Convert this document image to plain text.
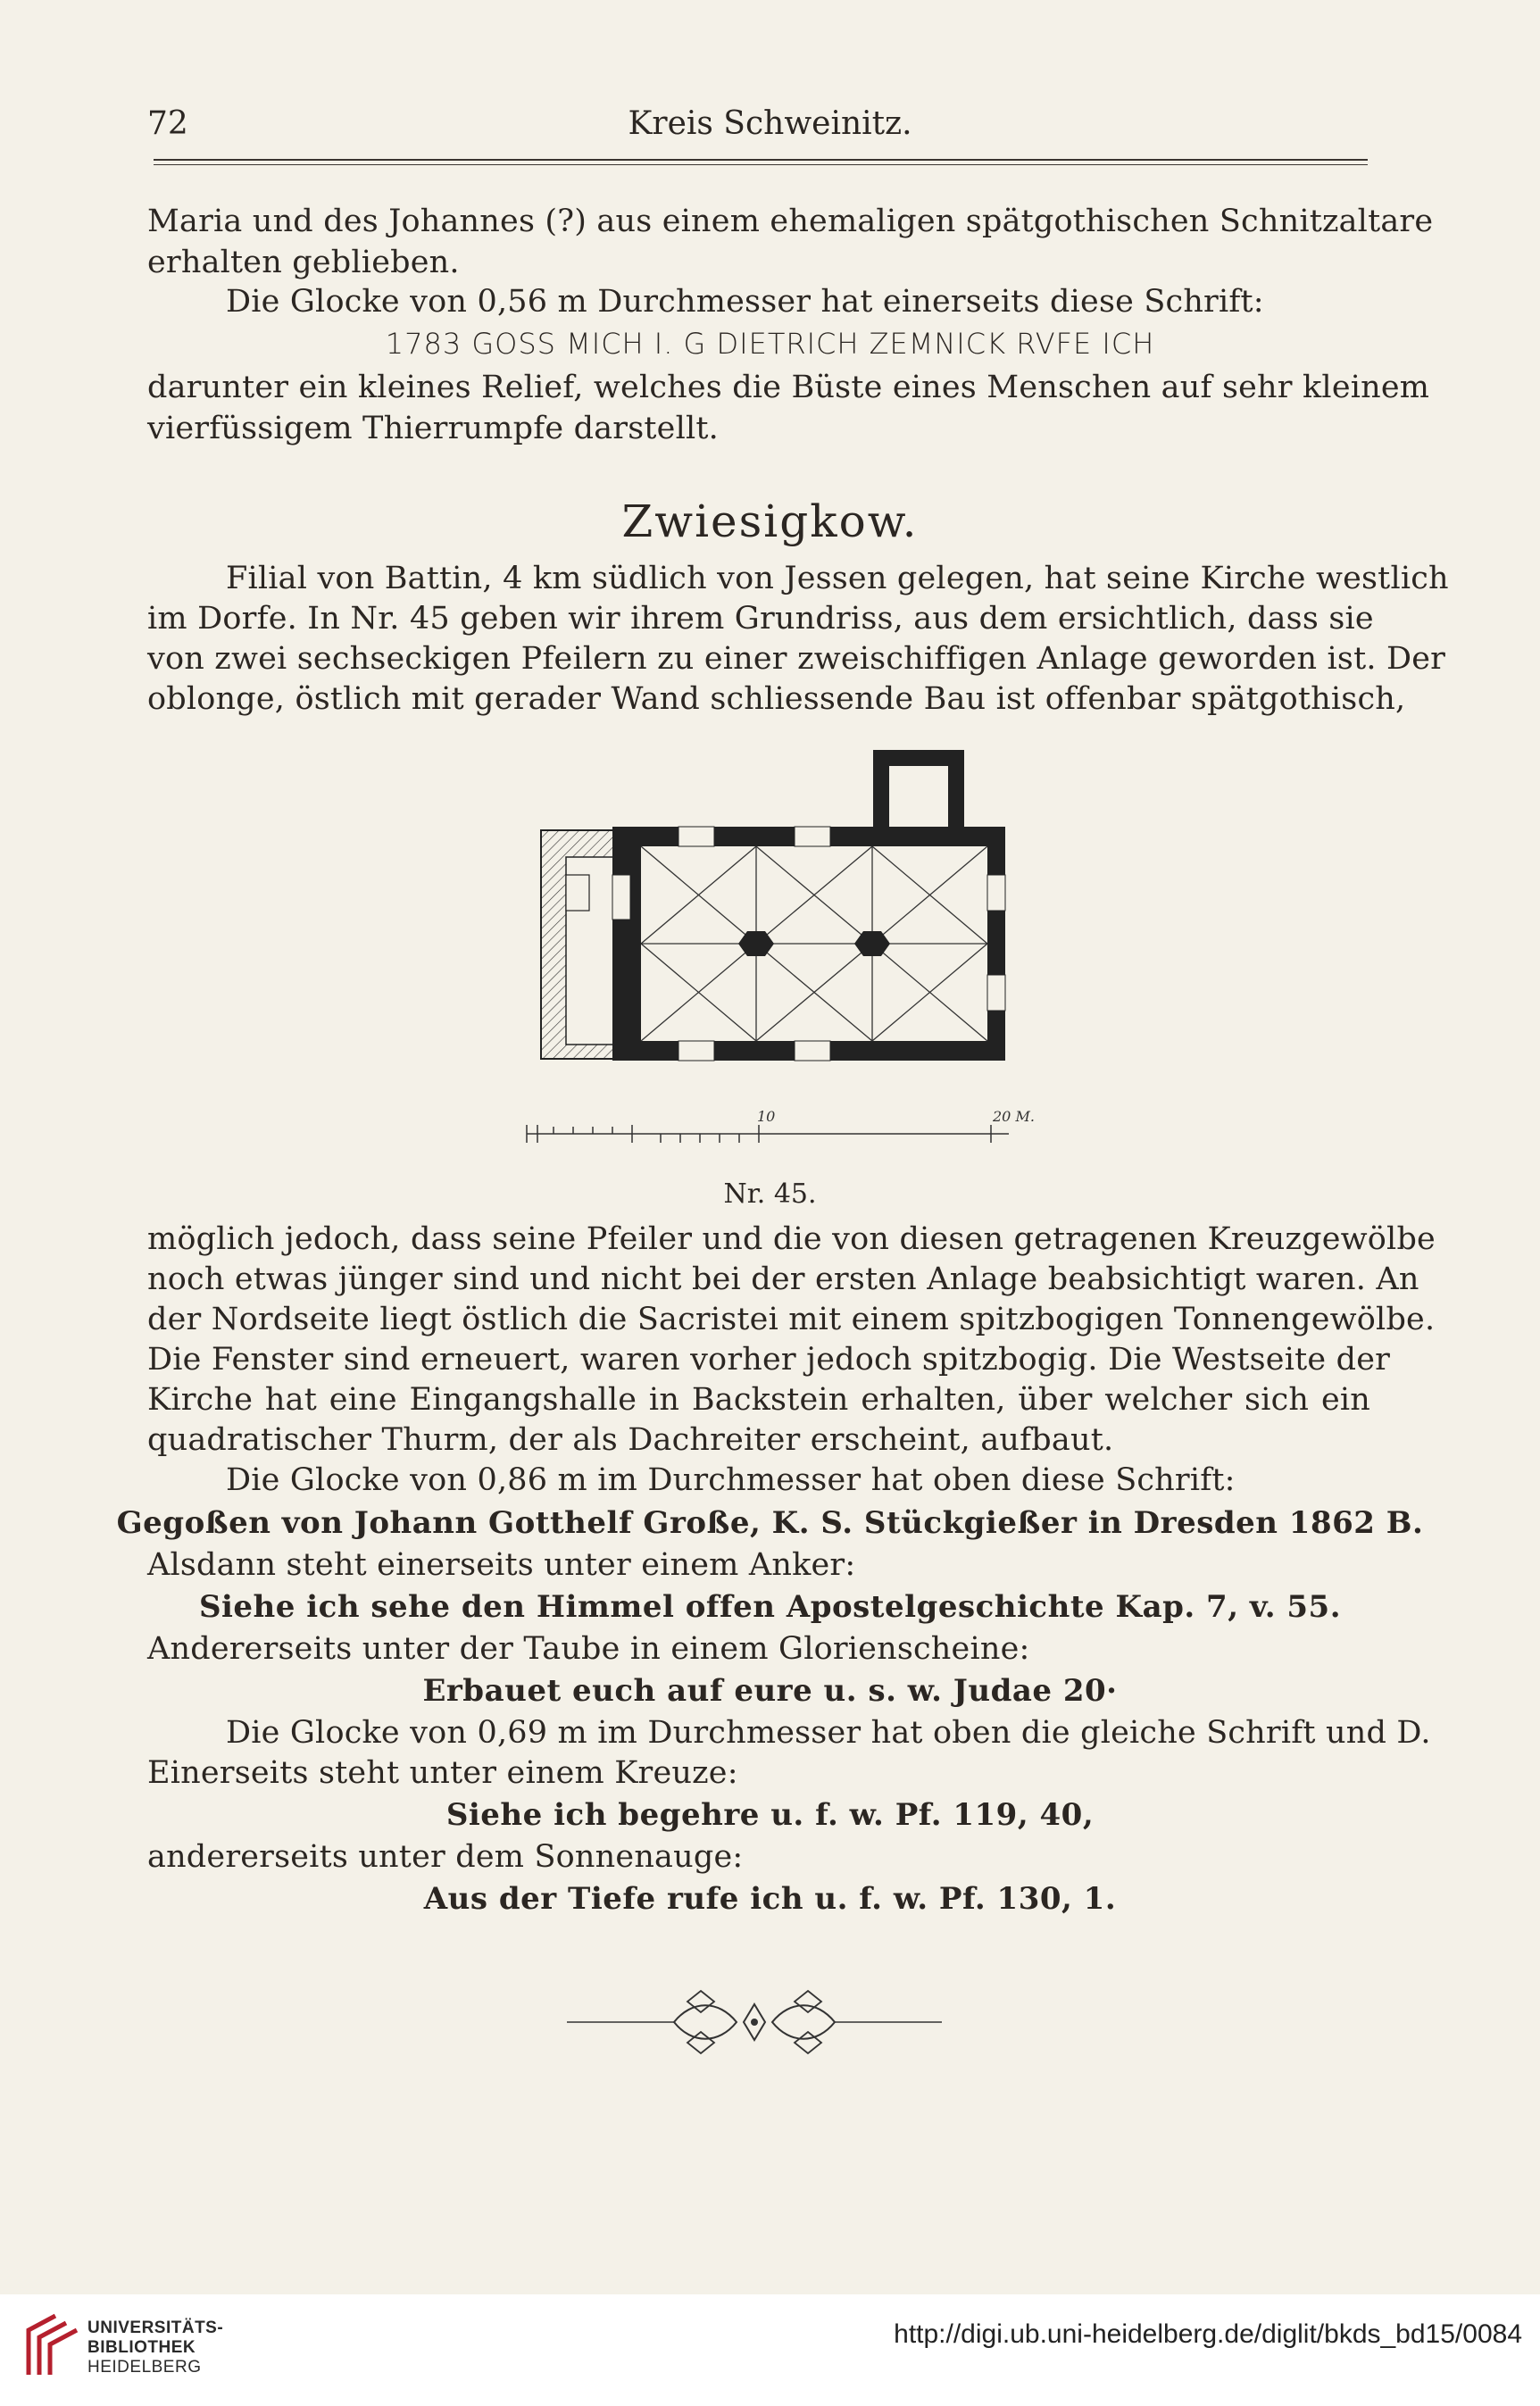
72	Kreis Schweinitz.
Maria und des Johannes (?) aus einem ehemaligen spätgothischen Schnitzaltare
erhalten geblieben.
Die Glocke von 0,56 m Durchmesser hat einerseits diese Schrift:
1783 GOSS MICH I. G DIETRICH ZEMNICK RVFE ICH
darunter ein kleines Relief, welches die Büste eines Menschen auf sehr kleinem
vierfüssigem Thierrumpfe darstellt.
Zwiesigkow.
Filial von Battin, 4 km südlich von Jessen gelegen, hat seine Kirche westlich
im Dorfe. In Nr. 45 geben wir ihrem Grundriss, aus dem ersichtlich, dass sie
von zwei sechseckigen Pfeilern zu einer zweischiffigen Anlage geworden ist. Der
oblonge, östlich mit gerader Wand schliessende Bau ist offenbar spätgothisch,
10	20 M.
Nr. 45.
möglich jedoch, dass seine Pfeiler und die von diesen getragenen Kreuzgewölbe
noch etwas jünger sind und nicht bei der ersten Anlage beabsichtigt waren. An
der Nordseite liegt östlich die Sacristei mit einem spitzbogigen Tonnengewölbe.
Die Fenster sind erneuert, waren vorher jedoch spitzbogig. Die Westseite der
Kirche hat eine Eingangshalle in Backstein erhalten, über welcher sich ein
quadratischer Thurm, der als Dachreiter erscheint, aufbaut.
Die Glocke von 0,86 m im Durchmesser hat oben diese Schrift:
Gegoßen von Johann Gotthelf Große, K. S. Stückgießer in Dresden 1862 B.
Alsdann steht einerseits unter einem Anker:
Siehe ich sehe den Himmel offen Apostelgeschichte Kap. 7, v. 55.
Andererseits unter der Taube in einem Glorienscheine:
Erbauet euch auf eure u. s. w. Judae 20·
Die Glocke von 0,69 m im Durchmesser hat oben die gleiche Schrift und D.
Einerseits steht unter einem Kreuze:
Siehe ich begehre u. f. w. Pf. 119, 40,
andererseits unter dem Sonnenauge:
Aus der Tiefe rufe ich u. f. w. Pf. 130, 1.
UNIVERSITÄTS-
BIBLIOTHEK
HEIDELBERG
http://digi.ub.uni-heidelberg.de/diglit/bkds_bd15/0084
